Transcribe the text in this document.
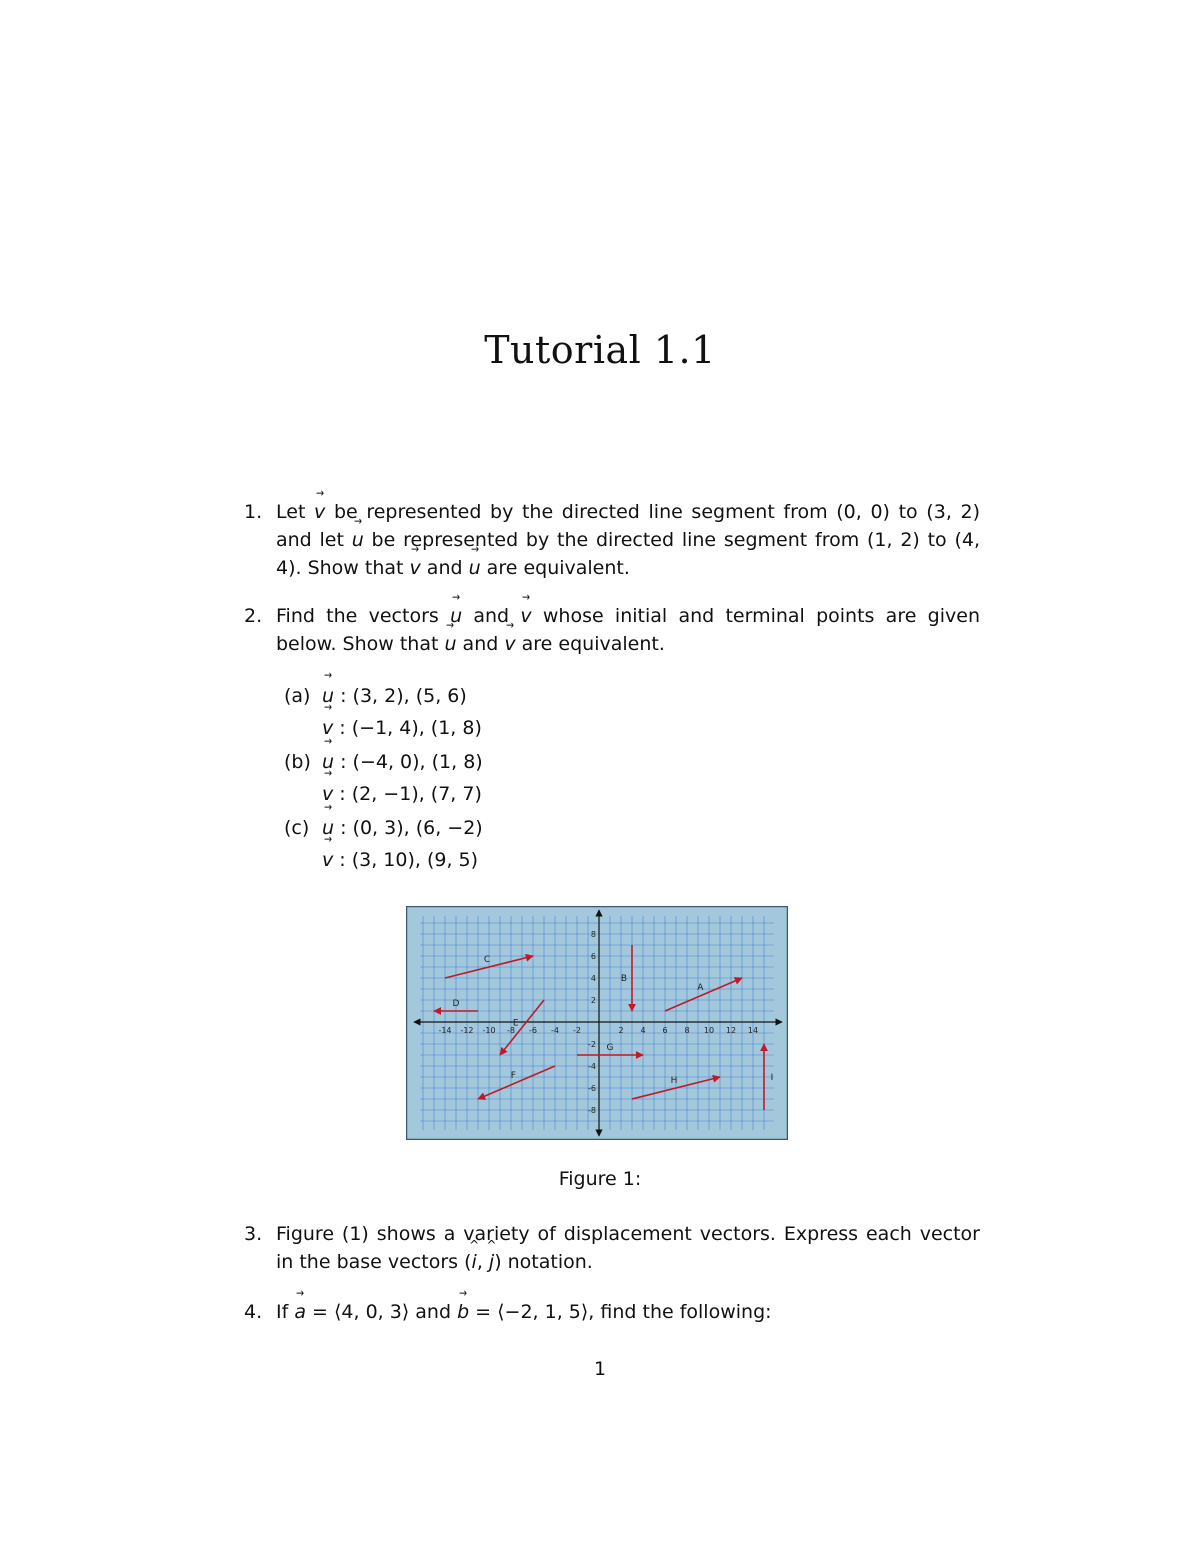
Tutorial 1.1
1. Let → v be represented by the directed line segment from (0, 0) to (3, 2) and let → u be represented by the directed line segment from (1, 2) to (4, 4). Show that → v and → u are equivalent.
2. Find the vectors → u and → v whose initial and terminal points are given below. Show that → u and → v are equivalent.
(a) → u : (3, 2), (5, 6)
→ v : (−1, 4), (1, 8)
(b) → u : (−4, 0), (1, 8)
→ v : (2, −1), (7, 7)
(c) → u : (0, 3), (6, −2)
→ v : (3, 10), (9, 5)
-14 -12 -10 -8 -6 -4 -2	2 4 6 8 10 12 14
8
6
4
2
-2
-4
-6
-8
A
B
C
D
E
F
G
H	I
Figure 1:
3. Figure (1) shows a variety of displacement vectors. Express each vector in the base vectors (^ i, ^ j) notation.
4. If → a = ⟨4, 0, 3⟩ and → b = ⟨−2, 1, 5⟩, find the following:
1
